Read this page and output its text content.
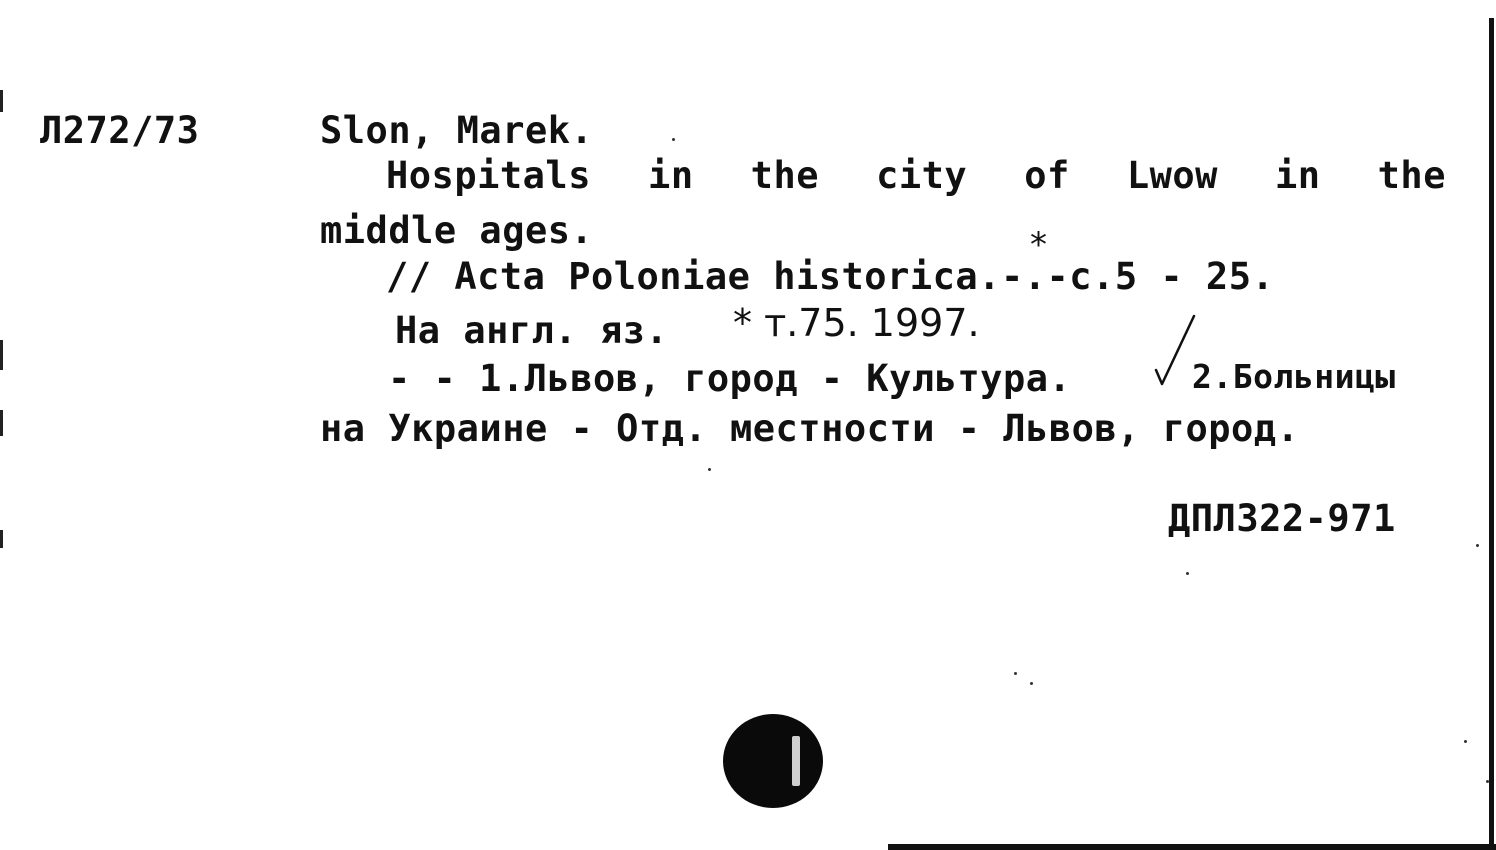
Л272/73	Slon, Marek.
Hospitals in the city of Lwow in the
middle ages.	*
// Acta Poloniae historica.-.-c.5 - 25.
На англ. яз. * т.75. 1997.
- - 1.Львов, город - Культура.	2.Больницы
на Украине - Отд. местности - Львов, город.
ДПЛ322-971
